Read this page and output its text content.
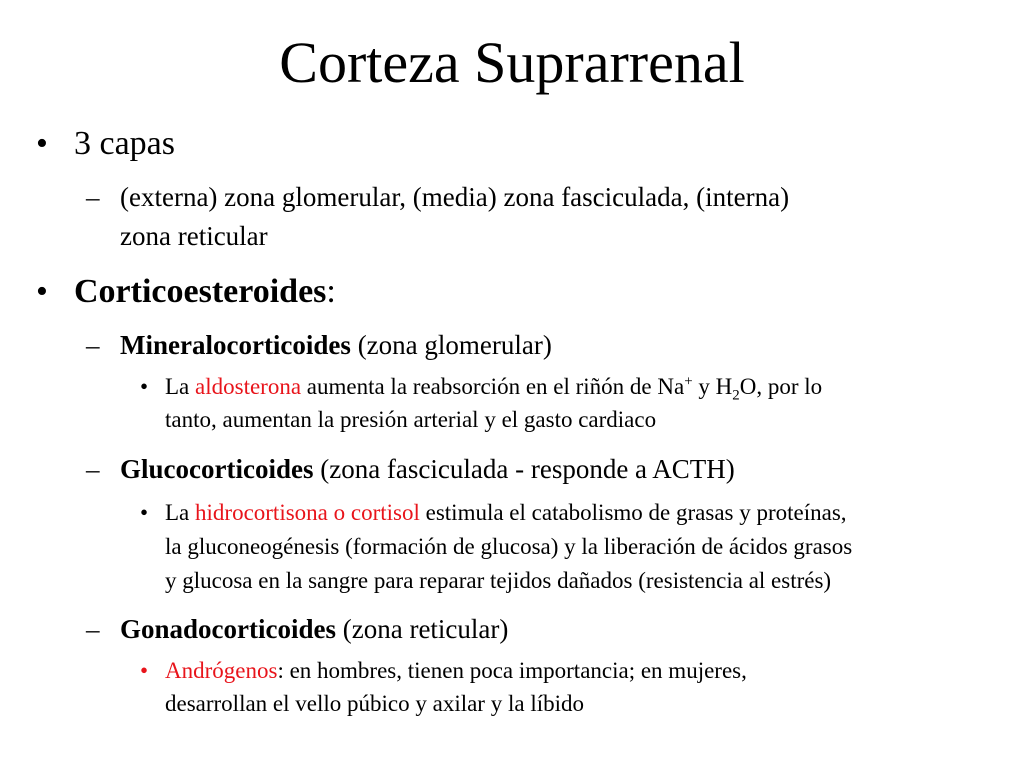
Corteza Suprarrenal
• 3 capas
– (externa) zona glomerular, (media) zona fasciculada, (interna)
zona reticular
• Corticoesteroides:
– Mineralocorticoides (zona glomerular)
• La aldosterona aumenta la reabsorción en el riñón de Na+ y $H_2O$, por lo
tanto, aumentan la presión arterial y el gasto cardiaco
– Glucocorticoides (zona fasciculada - responde a ACTH)
• La hidrocortisona o cortisol estimula el catabolismo de grasas y proteínas,
la gluconeogénesis (formación de glucosa) y la liberación de ácidos grasos
y glucosa en la sangre para reparar tejidos dañados (resistencia al estrés)
– Gonadocorticoides (zona reticular)
• Andrógenos: en hombres, tienen poca importancia; en mujeres,
desarrollan el vello púbico y axilar y la líbido
